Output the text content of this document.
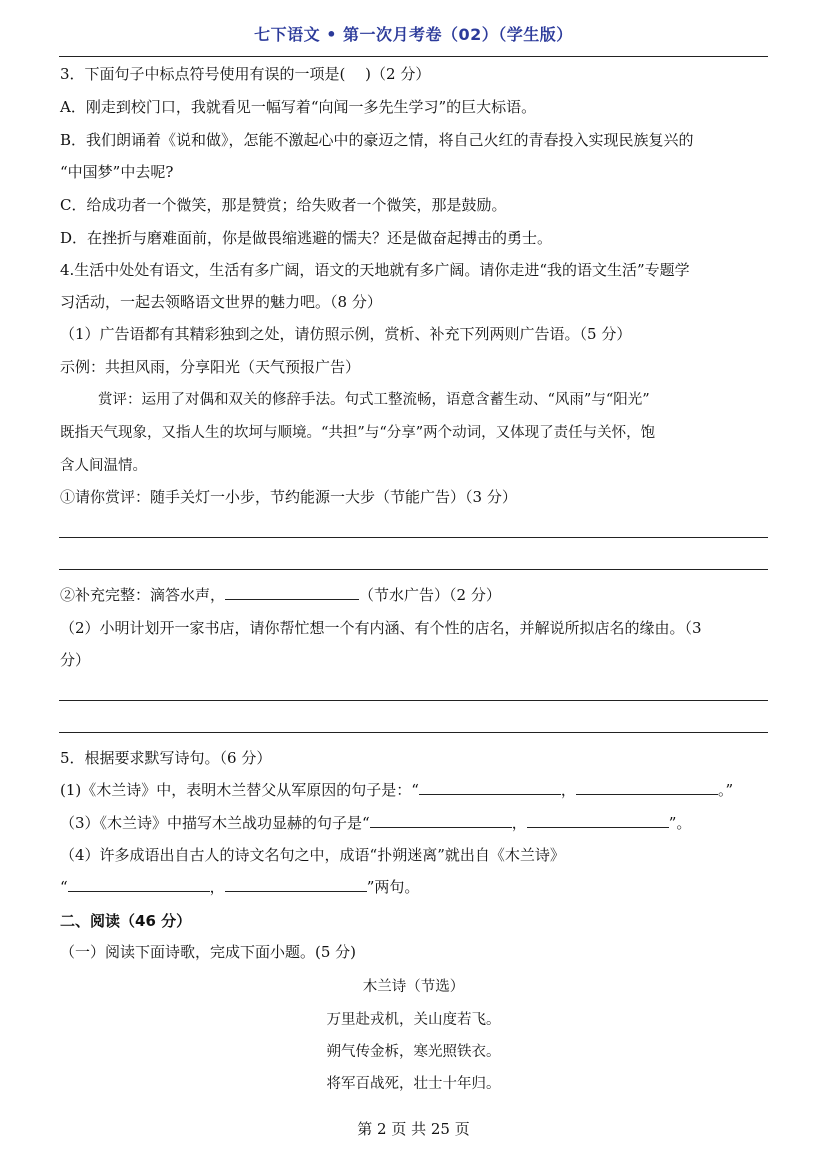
七下语文 • 第一次月考卷（02）（学生版）
3．下面句子中标点符号使用有误的一项是(　 )（2 分）
A．刚走到校门口，我就看见一幅写着“向闻一多先生学习”的巨大标语。
B．我们朗诵着《说和做》，怎能不激起心中的豪迈之情，将自己火红的青春投入实现民族复兴的
“中国梦”中去呢?
C．给成功者一个微笑，那是赞赏；给失败者一个微笑，那是鼓励。
D．在挫折与磨难面前，你是做畏缩逃避的懦夫？还是做奋起搏击的勇士。
4.生活中处处有语文，生活有多广阔，语文的天地就有多广阔。请你走进“我的语文生活”专题学
习活动，一起去领略语文世界的魅力吧。（8 分）
（1）广告语都有其精彩独到之处，请仿照示例，赏析、补充下列两则广告语。（5 分）
示例：共担风雨，分享阳光（天气预报广告）
赏评：运用了对偶和双关的修辞手法。句式工整流畅，语意含蓄生动、“风雨”与“阳光”
既指天气现象，又指人生的坎坷与顺境。“共担”与“分享”两个动词，又体现了责任与关怀，饱
含人间温情。
①请你赏评：随手关灯一小步，节约能源一大步（节能广告）（3 分）
②补充完整：滴答水声，	（节水广告）（2 分）
（2）小明计划开一家书店，请你帮忙想一个有内涵、有个性的店名，并解说所拟店名的缘由。（3
分）
5．根据要求默写诗句。（6 分）
(1)《木兰诗》中，表明木兰替父从军原因的句子是：“	，	。”
（3）《木兰诗》中描写木兰战功显赫的句子是“	，	”。
（4）许多成语出自古人的诗文名句之中，成语“扑朔迷离”就出自《木兰诗》
“	，	”两句。
二、阅读（46 分）
（一）阅读下面诗歌，完成下面小题。(5 分)
木兰诗（节选）
万里赴戎机，关山度若飞。
朔气传金柝，寒光照铁衣。
将军百战死，壮士十年归。
第 2 页 共 25 页
